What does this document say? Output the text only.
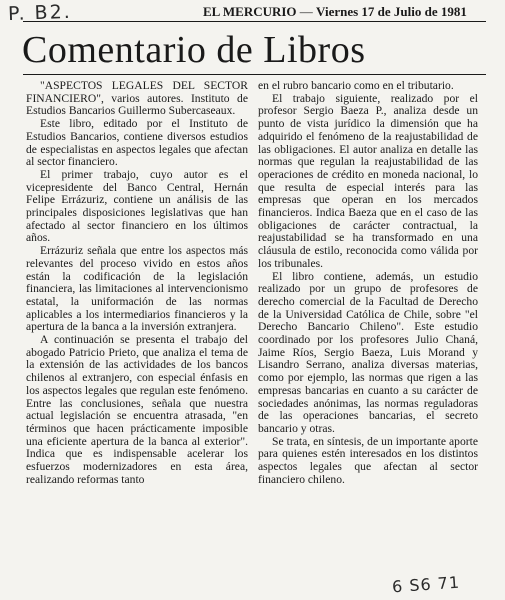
P. B2.	EL MERCURIO — Viernes 17 de Julio de 1981
Comentario de Libros

"ASPECTOS LEGALES DEL SECTOR FINANCIERO", varios autores. Instituto de Estudios Bancarios Guillermo Subercaseaux.

Este libro, editado por el Instituto de Estudios Bancarios, contiene diversos estudios de especialistas en aspectos legales que afectan al sector financiero.

El primer trabajo, cuyo autor es el vicepresidente del Banco Central, Hernán Felipe Errázuriz, contiene un análisis de las principales disposiciones legislativas que han afectado al sector financiero en los últimos años.

Errázuriz señala que entre los aspectos más relevantes del proceso vivido en estos años están la codificación de la legislación financiera, las limitaciones al intervencionismo estatal, la uniformación de las normas aplicables a los intermediarios financieros y la apertura de la banca a la inversión extranjera.

A continuación se presenta el trabajo del abogado Patricio Prieto, que analiza el tema de la extensión de las actividades de los bancos chilenos al extranjero, con especial énfasis en los aspectos legales que regulan este fenómeno. Entre las conclusiones, señala que nuestra actual legislación se encuentra atrasada, "en términos que hacen prácticamente imposible una eficiente apertura de la banca al exterior". Indica que es indispensable acelerar los esfuerzos modernizadores en esta área, realizando reformas tanto

en el rubro bancario como en el tributario.

El trabajo siguiente, realizado por el profesor Sergio Baeza P., analiza desde un punto de vista jurídico la dimensión que ha adquirido el fenómeno de la reajustabilidad de las obligaciones. El autor analiza en detalle las normas que regulan la reajustabilidad de las operaciones de crédito en moneda nacional, lo que resulta de especial interés para las empresas que operan en los mercados financieros. Indica Baeza que en el caso de las obligaciones de carácter contractual, la reajustabilidad se ha transformado en una cláusula de estilo, reconocida como válida por los tribunales.

El libro contiene, además, un estudio realizado por un grupo de profesores de derecho comercial de la Facultad de Derecho de la Universidad Católica de Chile, sobre "el Derecho Bancario Chileno". Este estudio coordinado por los profesores Julio Chaná, Jaime Ríos, Sergio Baeza, Luis Morand y Lisandro Serrano, analiza diversas materias, como por ejemplo, las normas que rigen a las empresas bancarias en cuanto a su carácter de sociedades anónimas, las normas reguladoras de las operaciones bancarias, el secreto bancario y otras.

Se trata, en síntesis, de un importante aporte para quienes estén interesados en los distintos aspectos legales que afectan al sector financiero chileno.

6 S6 71
